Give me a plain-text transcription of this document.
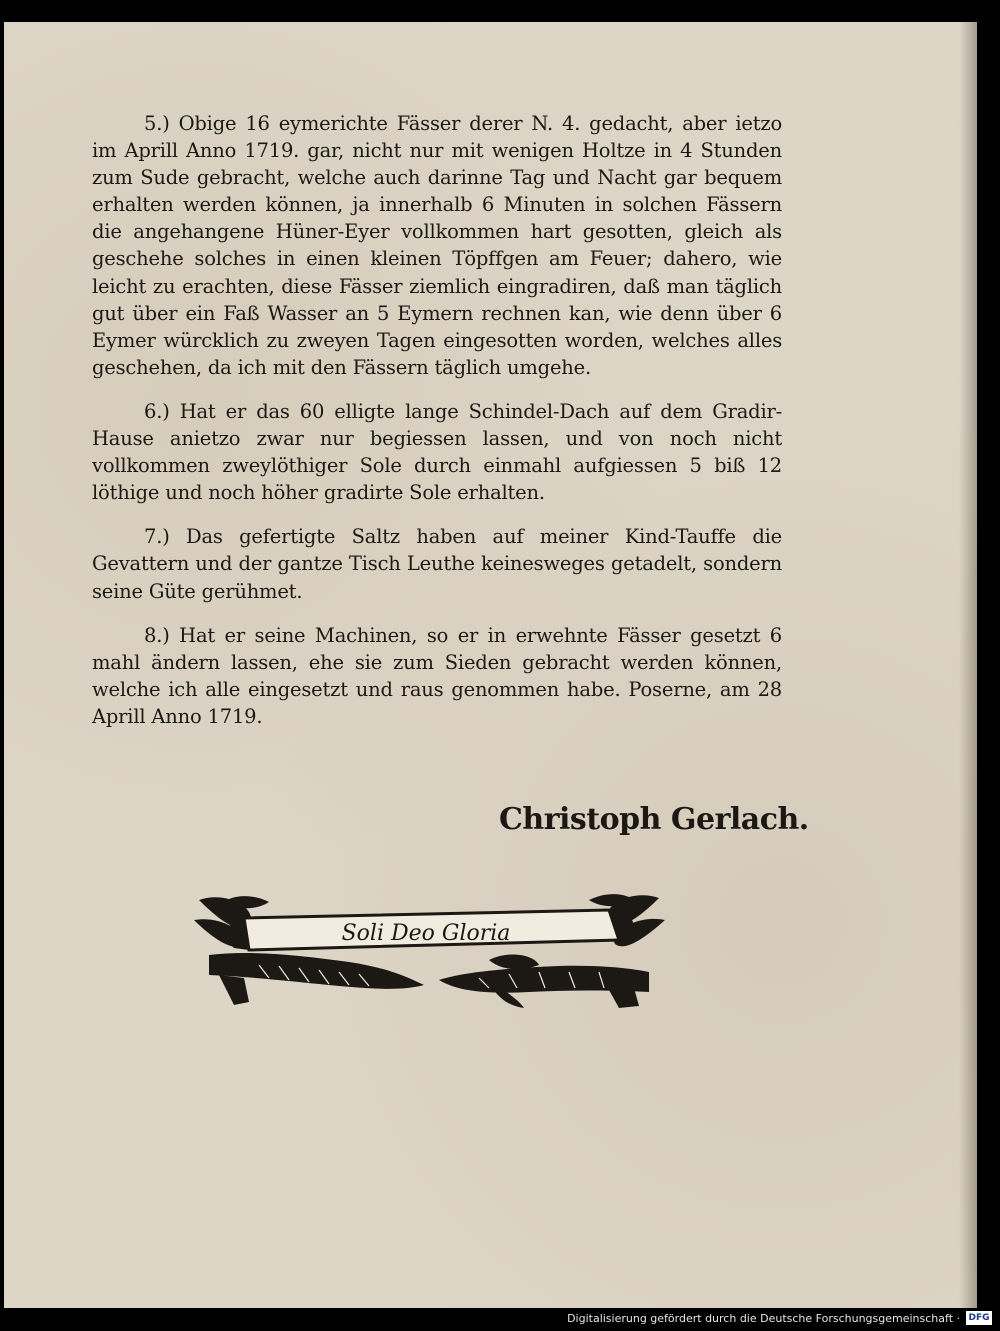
5.) Obige 16 eymerichte Fässer derer N. 4. gedacht, aber ietzo im Aprill Anno 1719. gar, nicht nur mit wenigen Holtze in 4 Stunden zum Sude gebracht, welche auch darinne Tag und Nacht gar bequem erhalten werden können, ja innerhalb 6 Minuten in solchen Fässern die angehangene Hüner-Eyer vollkommen hart gesotten, gleich als geschehe solches in einen kleinen Töpffgen am Feuer; dahero, wie leicht zu erachten, diese Fässer ziemlich eingradiren, daß man täglich gut über ein Faß Wasser an 5 Eymern rechnen kan, wie denn über 6 Eymer würcklich zu zweyen Tagen eingesotten worden, welches alles geschehen, da ich mit den Fässern täglich umgehe.

6.) Hat er das 60 elligte lange Schindel-Dach auf dem Gradir-Hause anietzo zwar nur begiessen lassen, und von noch nicht vollkommen zweylöthiger Sole durch einmahl aufgiessen 5 biß 12 löthige und noch höher gradirte Sole erhalten.

7.) Das gefertigte Saltz haben auf meiner Kind-Tauffe die Gevattern und der gantze Tisch Leuthe keinesweges getadelt, sondern seine Güte gerühmet.

8.) Hat er seine Machinen, so er in erwehnte Fässer gesetzt 6 mahl ändern lassen, ehe sie zum Sieden gebracht werden können, welche ich alle eingesetzt und raus genommen habe. Poserne, am 28 Aprill Anno 1719.

Christoph Gerlach.
Soli Deo Gloria
Digitalisierung gefördert durch die Deutsche Forschungsgemeinschaft · DFG
